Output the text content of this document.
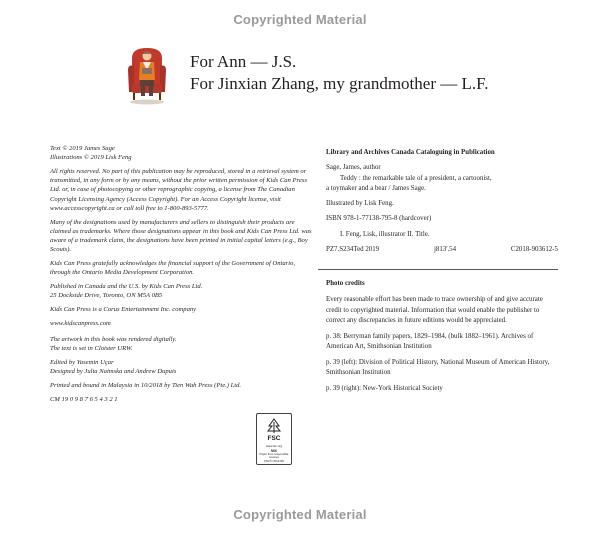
Copyrighted Material
For Ann — J.S.
For Jinxian Zhang, my grandmother — L.F.

Text © 2019 James Sage

Illustrations © 2019 Lisk Feng

All rights reserved. No part of this publication may be reproduced, stored in a retrieval system or transmitted, in any form or by any means, without the prior written permission of Kids Can Press Ltd. or, in case of photocopying or other reprographic copying, a license from The Canadian Copyright Licensing Agency (Access Copyright). For an Access Copyright license, visit www.accesscopyright.ca or call toll free to 1-800-893-5777.

Many of the designations used by manufacturers and sellers to distinguish their products are claimed as trademarks. Where those designations appear in this book and Kids Can Press Ltd. was aware of a trademark claim, the designations have been printed in initial capital letters (e.g., Boy Scouts).

Kids Can Press gratefully acknowledges the financial support of the Government of Ontario, through the Ontario Media Development Corporation.

Published in Canada and the U.S. by Kids Can Press Ltd.

25 Dockside Drive, Toronto, ON M5A 0B5

Kids Can Press is a Corus Entertainment Inc. company

www.kidscanpress.com

The artwork in this book was rendered digitally.

The text is set in Cloister URW.

Edited by Yasemin Uçar

Designed by Julia Naimska and Andrew Dupuis

Printed and bound in Malaysia in 10/2018 by Tien Wah Press (Pte.) Ltd.

CM 19 0 9 8 7 6 5 4 3 2 1

FSC
www.fsc.org
MIX
Paper from responsible sources
FSC® C012700

Library and Archives Canada Cataloguing in Publication

Sage, James, author

Teddy : the remarkable tale of a president, a cartoonist,

a toymaker and a bear / James Sage.

Illustrated by Lisk Feng.

ISBN 978-1-77138-795-8 (hardcover)

I. Feng, Lisk, illustrator II. Title.

PZ7.S234Ted 2019	j813'.54	C2018-903612-5

Photo credits

Every reasonable effort has been made to trace ownership of and give accurate credit to copyrighted material. Information that would enable the publisher to correct any discrepancies in future editions would be appreciated.

p. 38: Berryman family papers, 1829–1984, (bulk 1882–1961). Archives of American Art, Smithsonian Institution

p. 39 (left): Division of Political History, National Museum of American History, Smithsonian Institution

p. 39 (right): New-York Historical Society

Copyrighted Material
